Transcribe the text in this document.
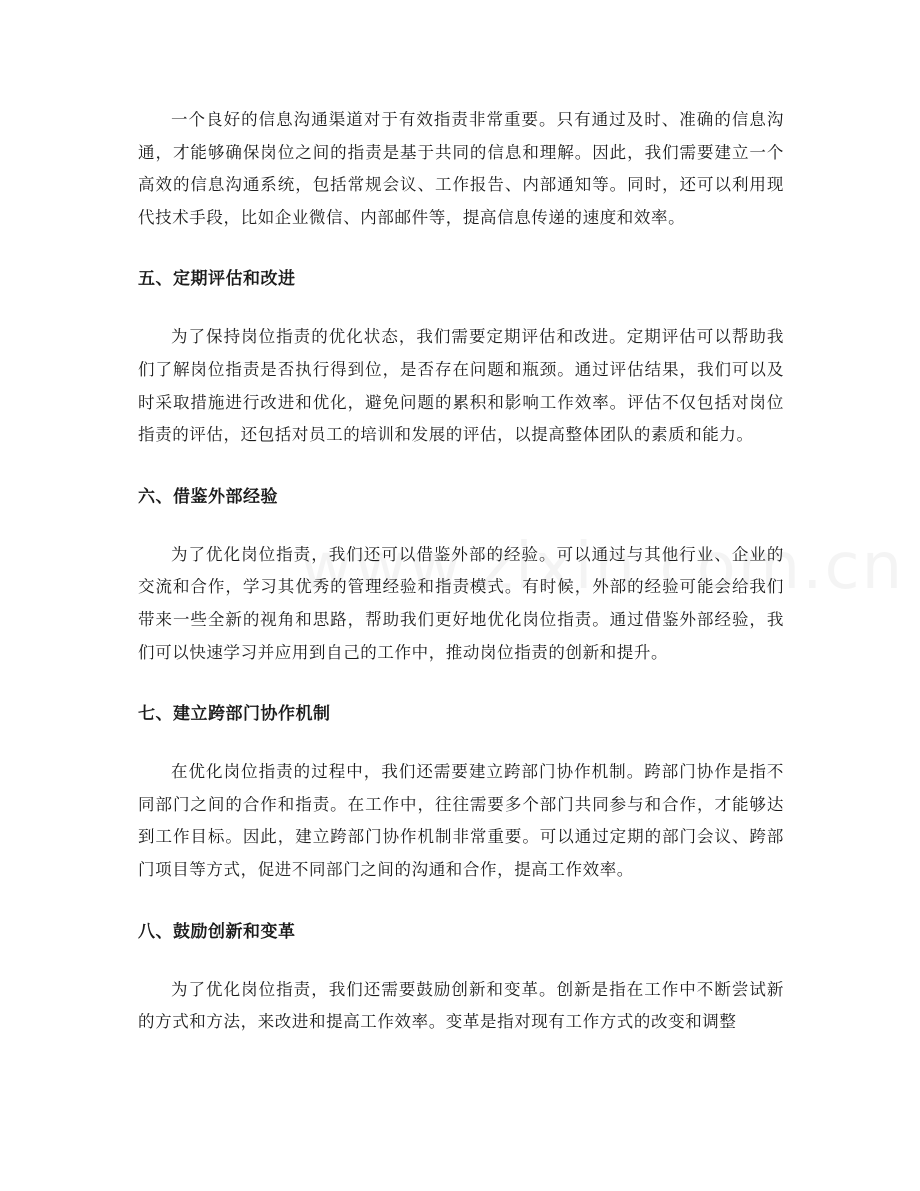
一个良好的信息沟通渠道对于有效指责非常重要。只有通过及时、准确的信息沟通，才能够确保岗位之间的指责是基于共同的信息和理解。因此，我们需要建立一个高效的信息沟通系统，包括常规会议、工作报告、内部通知等。同时，还可以利用现代技术手段，比如企业微信、内部邮件等，提高信息传递的速度和效率。

五、定期评估和改进

为了保持岗位指责的优化状态，我们需要定期评估和改进。定期评估可以帮助我们了解岗位指责是否执行得到位，是否存在问题和瓶颈。通过评估结果，我们可以及时采取措施进行改进和优化，避免问题的累积和影响工作效率。评估不仅包括对岗位指责的评估，还包括对员工的培训和发展的评估，以提高整体团队的素质和能力。

六、借鉴外部经验

为了优化岗位指责，我们还可以借鉴外部的经验。可以通过与其他行业、企业的交流和合作，学习其优秀的管理经验和指责模式。有时候，外部的经验可能会给我们带来一些全新的视角和思路，帮助我们更好地优化岗位指责。通过借鉴外部经验，我们可以快速学习并应用到自己的工作中，推动岗位指责的创新和提升。

七、建立跨部门协作机制

在优化岗位指责的过程中，我们还需要建立跨部门协作机制。跨部门协作是指不同部门之间的合作和指责。在工作中，往往需要多个部门共同参与和合作，才能够达到工作目标。因此，建立跨部门协作机制非常重要。可以通过定期的部门会议、跨部门项目等方式，促进不同部门之间的沟通和合作，提高工作效率。

八、鼓励创新和变革

为了优化岗位指责，我们还需要鼓励创新和变革。创新是指在工作中不断尝试新的方式和方法，来改进和提高工作效率。变革是指对现有工作方式的改变和调整
